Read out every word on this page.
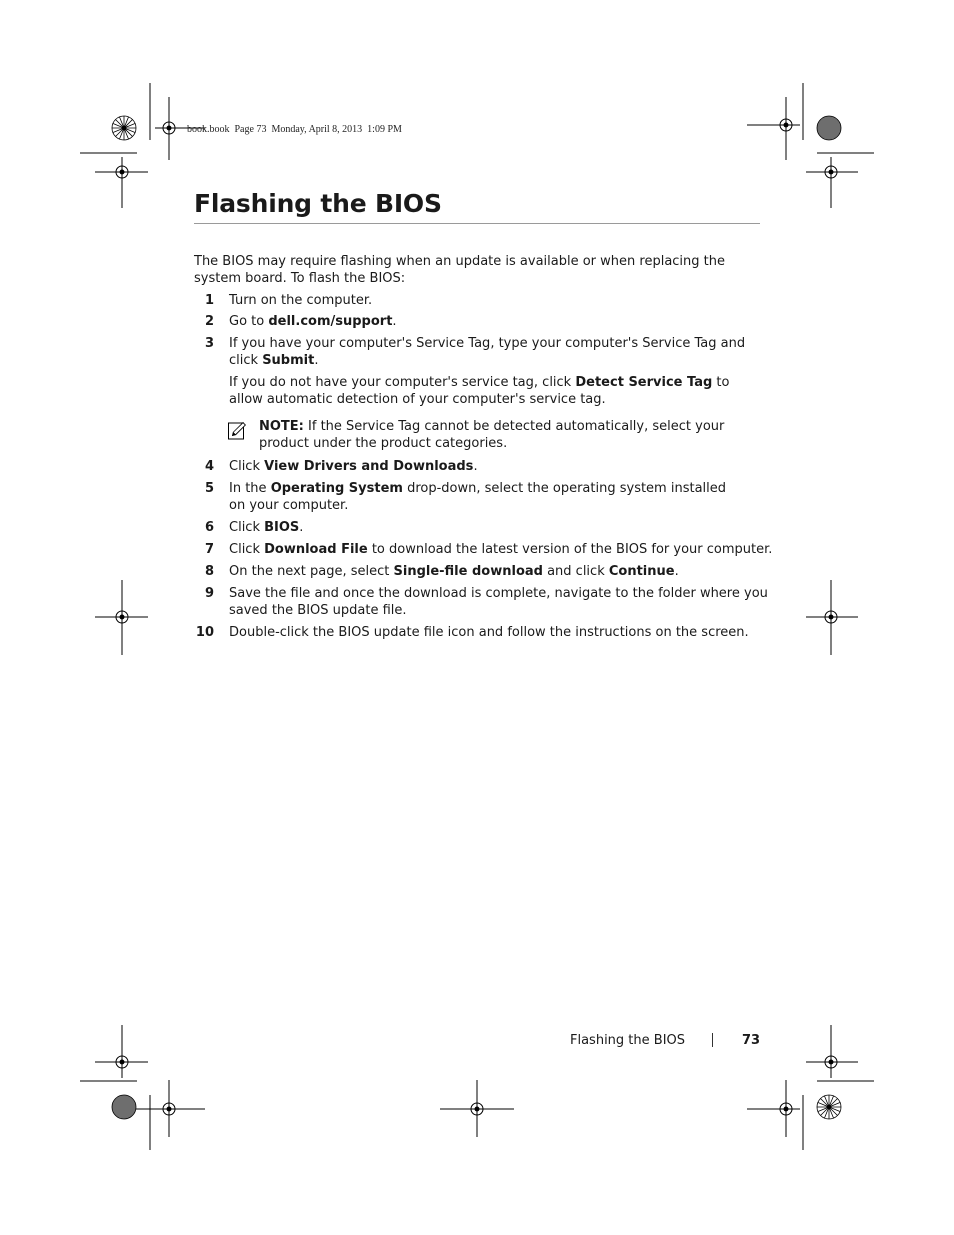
book.book  Page 73  Monday, April 8, 2013  1:09 PM
Flashing the BIOS
The BIOS may require flashing when an update is available or when replacing the system board. To flash the BIOS:
1 Turn on the computer.
2 Go to dell.com/support.
3 If you have your computer's Service Tag, type your computer's Service Tag and click Submit.
If you do not have your computer's service tag, click Detect Service Tag to allow automatic detection of your computer's service tag.
NOTE: If the Service Tag cannot be detected automatically, select your product under the product categories.
4 Click View Drivers and Downloads.
5 In the Operating System drop-down, select the operating system installed on your computer.
6 Click BIOS.
7 Click Download File to download the latest version of the BIOS for your computer.
8 On the next page, select Single-file download and click Continue.
9 Save the file and once the download is complete, navigate to the folder where you saved the BIOS update file.
10 Double-click the BIOS update file icon and follow the instructions on the screen.
Flashing the BIOS	73
